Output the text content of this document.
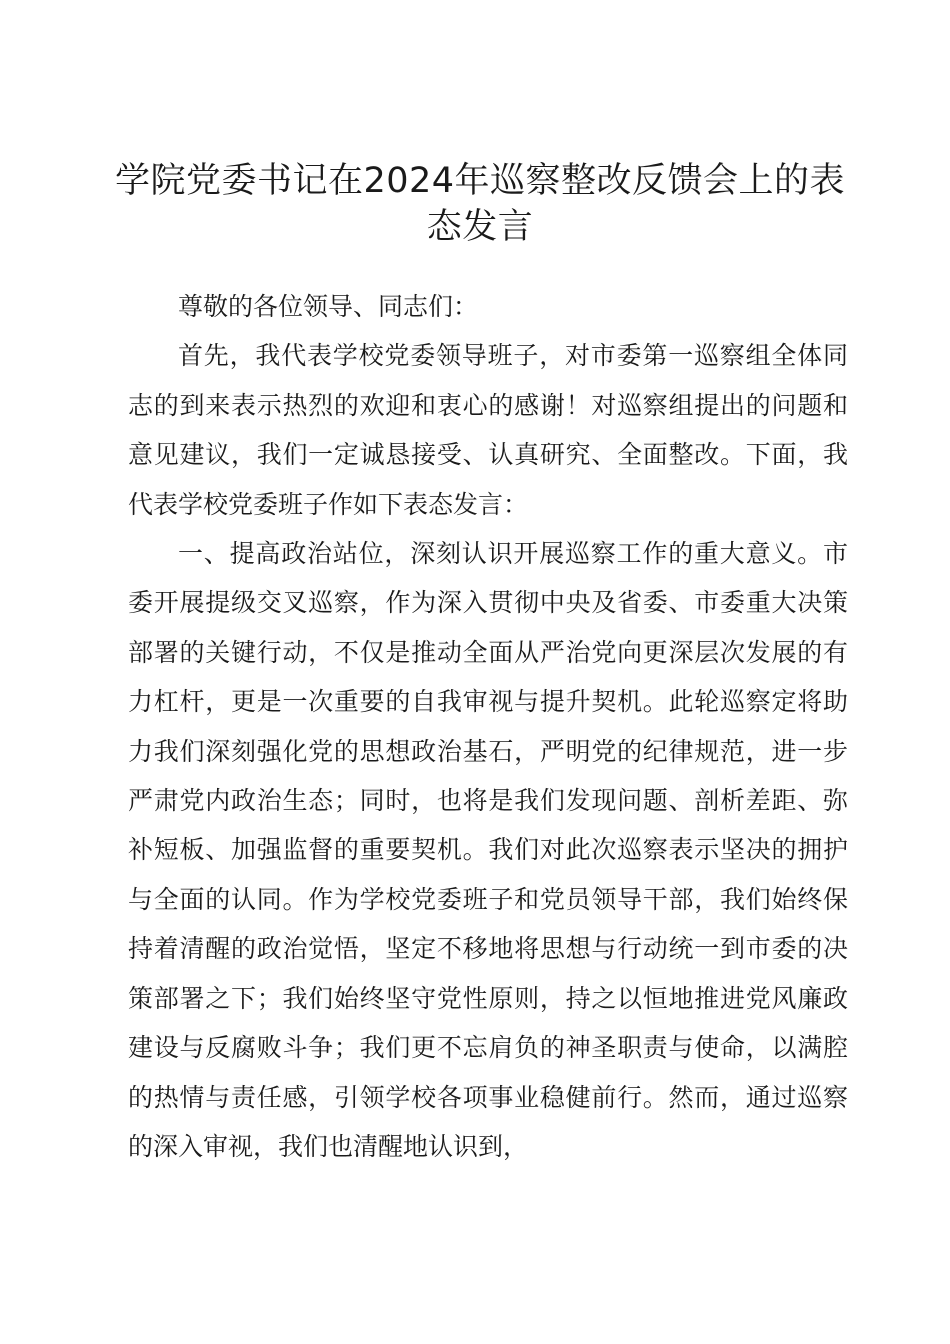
学院党委书记在2024年巡察整改反馈会上的表态发言

尊敬的各位领导、同志们：

首先，我代表学校党委领导班子，对市委第一巡察组全体同志的到来表示热烈的欢迎和衷心的感谢！对巡察组提出的问题和意见建议，我们一定诚恳接受、认真研究、全面整改。下面，我代表学校党委班子作如下表态发言：

一、提高政治站位，深刻认识开展巡察工作的重大意义。市委开展提级交叉巡察，作为深入贯彻中央及省委、市委重大决策部署的关键行动，不仅是推动全面从严治党向更深层次发展的有力杠杆，更是一次重要的自我审视与提升契机。此轮巡察定将助力我们深刻强化党的思想政治基石，严明党的纪律规范，进一步严肃党内政治生态；同时，也将是我们发现问题、剖析差距、弥补短板、加强监督的重要契机。我们对此次巡察表示坚决的拥护与全面的认同。作为学校党委班子和党员领导干部，我们始终保持着清醒的政治觉悟，坚定不移地将思想与行动统一到市委的决策部署之下；我们始终坚守党性原则，持之以恒地推进党风廉政建设与反腐败斗争；我们更不忘肩负的神圣职责与使命，以满腔的热情与责任感，引领学校各项事业稳健前行。然而，通过巡察的深入审视，我们也清醒地认识到，
